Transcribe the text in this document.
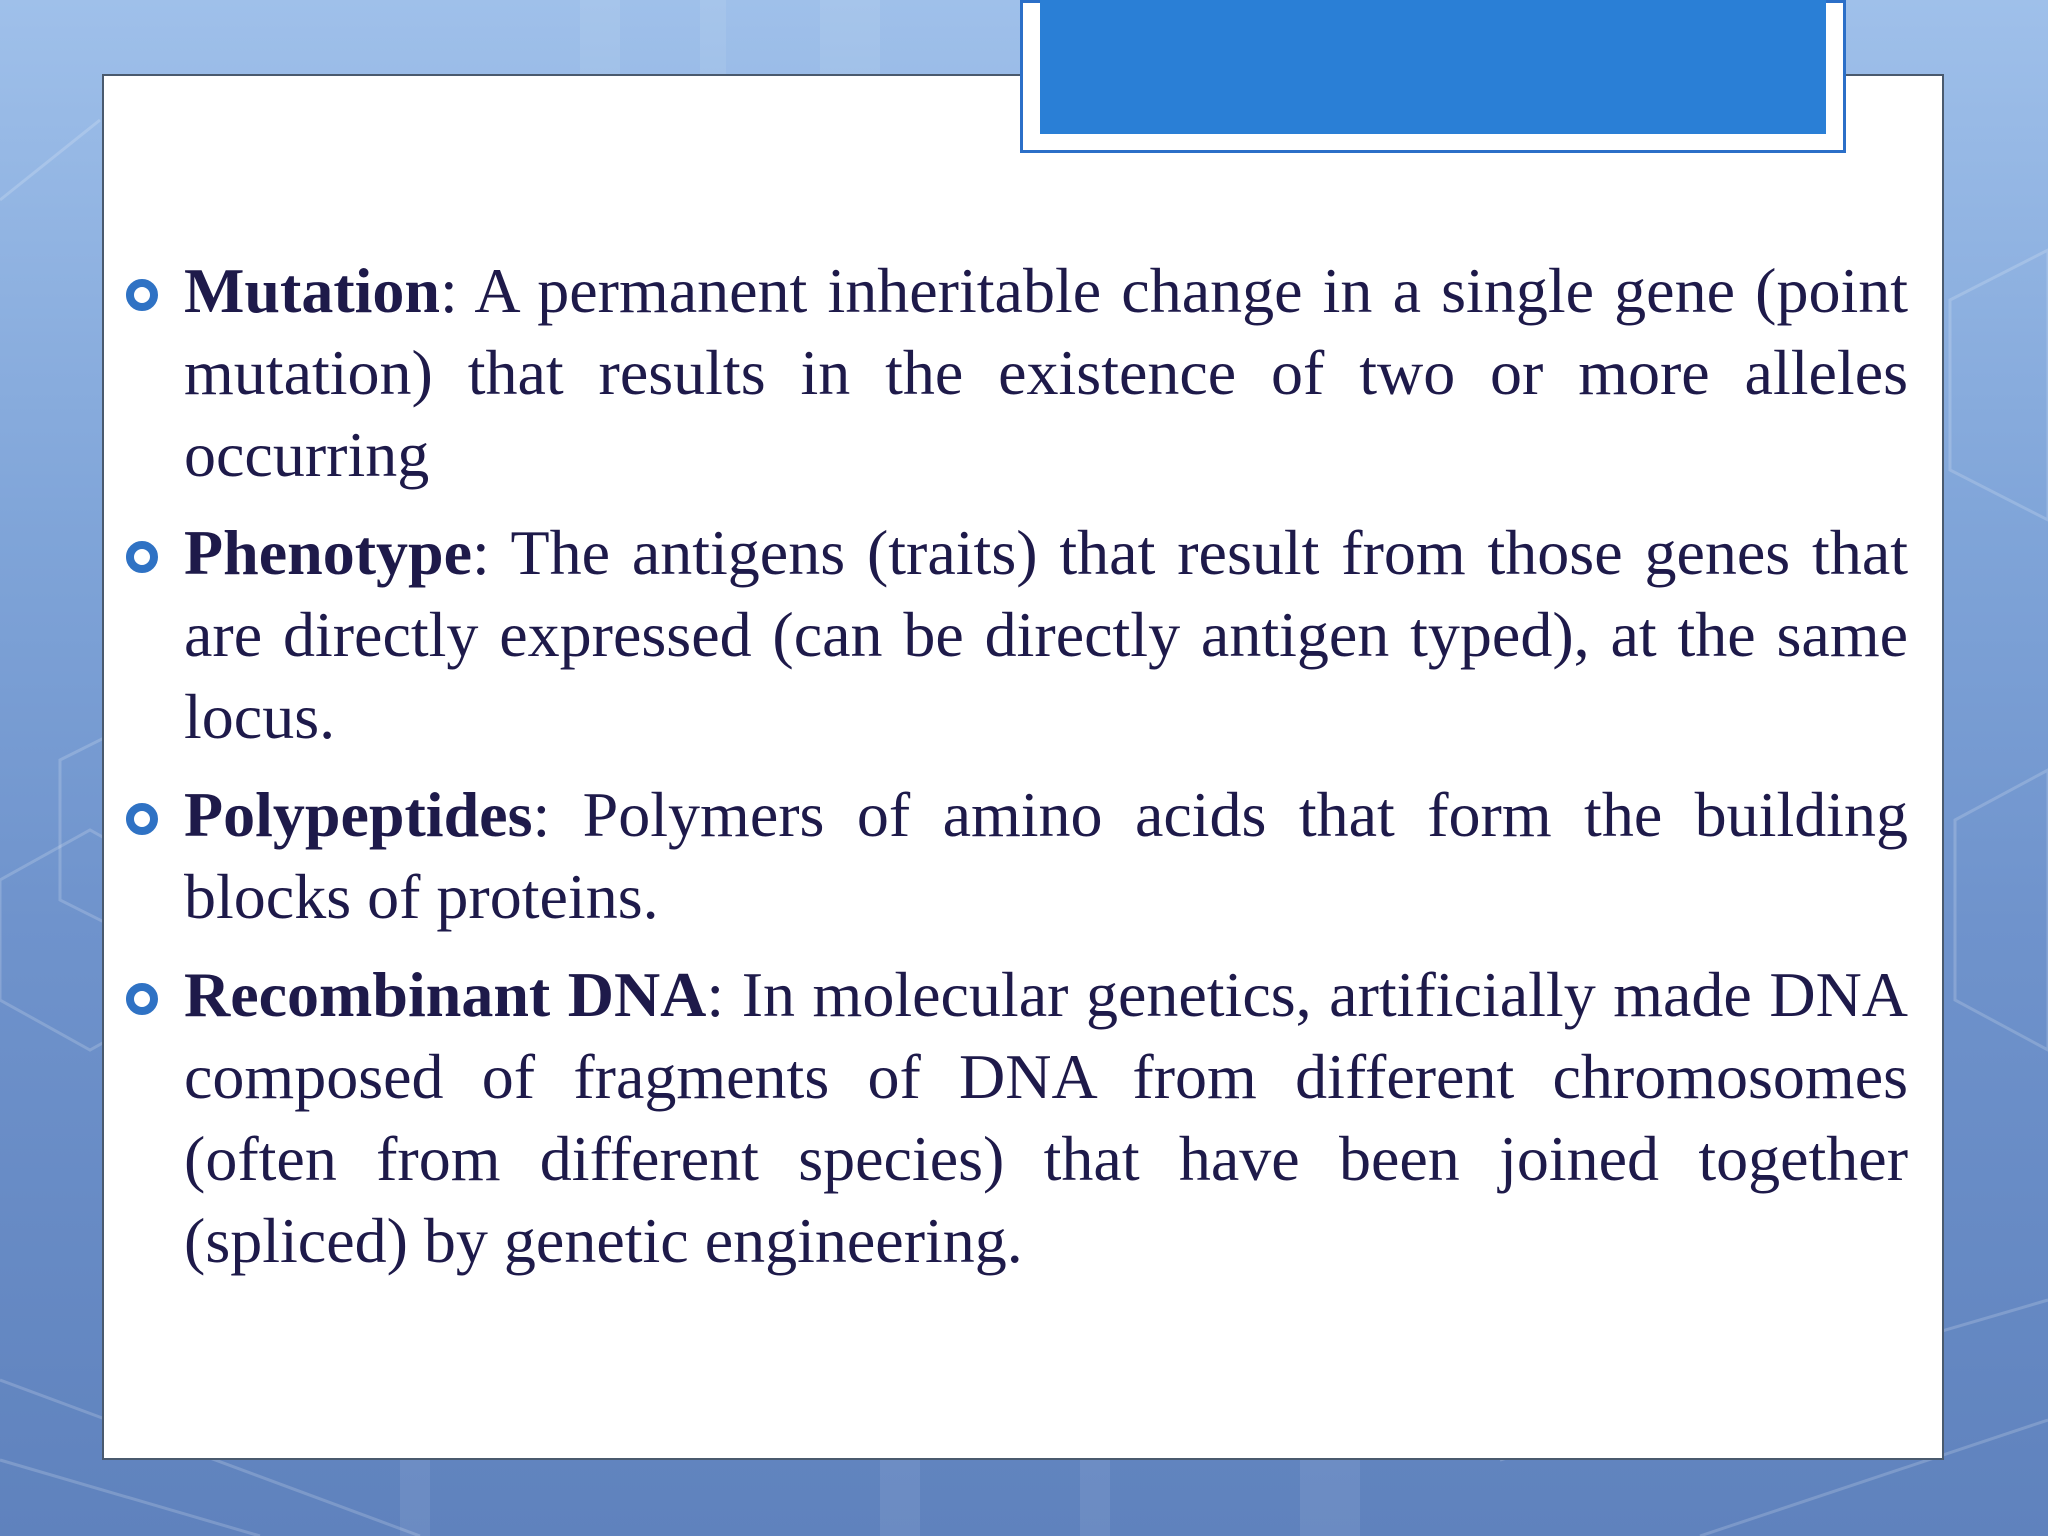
Mutation: A permanent inheritable change in a single gene (point mutation) that results in the existence of two or more alleles occurring
Phenotype: The antigens (traits) that result from those genes that are directly expressed (can be directly antigen typed), at the same locus.
Polypeptides: Polymers of amino acids that form the building blocks of proteins.
Recombinant DNA: In molecular genetics, artificially made DNA composed of fragments of DNA from different chromosomes (often from different species) that have been joined together (spliced) by genetic engineering.
